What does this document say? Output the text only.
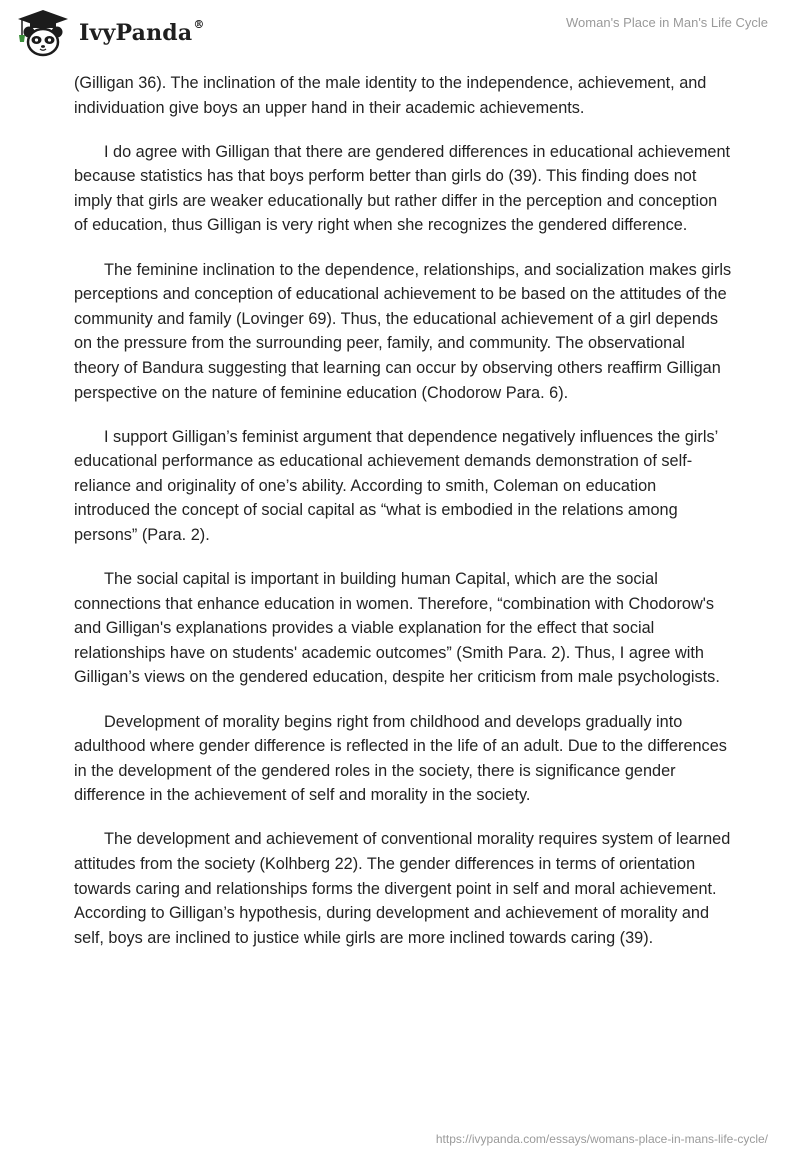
IvyPanda®	Woman's Place in Man's Life Cycle

(Gilligan 36). The inclination of the male identity to the independence, achievement, and individuation give boys an upper hand in their academic achievements.

I do agree with Gilligan that there are gendered differences in educational achievement because statistics has that boys perform better than girls do (39). This finding does not imply that girls are weaker educationally but rather differ in the perception and conception of education, thus Gilligan is very right when she recognizes the gendered difference.

The feminine inclination to the dependence, relationships, and socialization makes girls perceptions and conception of educational achievement to be based on the attitudes of the community and family (Lovinger 69). Thus, the educational achievement of a girl depends on the pressure from the surrounding peer, family, and community. The observational theory of Bandura suggesting that learning can occur by observing others reaffirm Gilligan perspective on the nature of feminine education (Chodorow Para. 6).

I support Gilligan’s feminist argument that dependence negatively influences the girls’ educational performance as educational achievement demands demonstration of self-reliance and originality of one’s ability. According to smith, Coleman on education introduced the concept of social capital as “what is embodied in the relations among persons” (Para. 2).

The social capital is important in building human Capital, which are the social connections that enhance education in women. Therefore, “combination with Chodorow's and Gilligan's explanations provides a viable explanation for the effect that social relationships have on students' academic outcomes” (Smith Para. 2). Thus, I agree with Gilligan’s views on the gendered education, despite her criticism from male psychologists.

Development of morality begins right from childhood and develops gradually into adulthood where gender difference is reflected in the life of an adult. Due to the differences in the development of the gendered roles in the society, there is significance gender difference in the achievement of self and morality in the society.

The development and achievement of conventional morality requires system of learned attitudes from the society (Kolhberg 22). The gender differences in terms of orientation towards caring and relationships forms the divergent point in self and moral achievement. According to Gilligan’s hypothesis, during development and achievement of morality and self, boys are inclined to justice while girls are more inclined towards caring (39).

https://ivypanda.com/essays/womans-place-in-mans-life-cycle/
